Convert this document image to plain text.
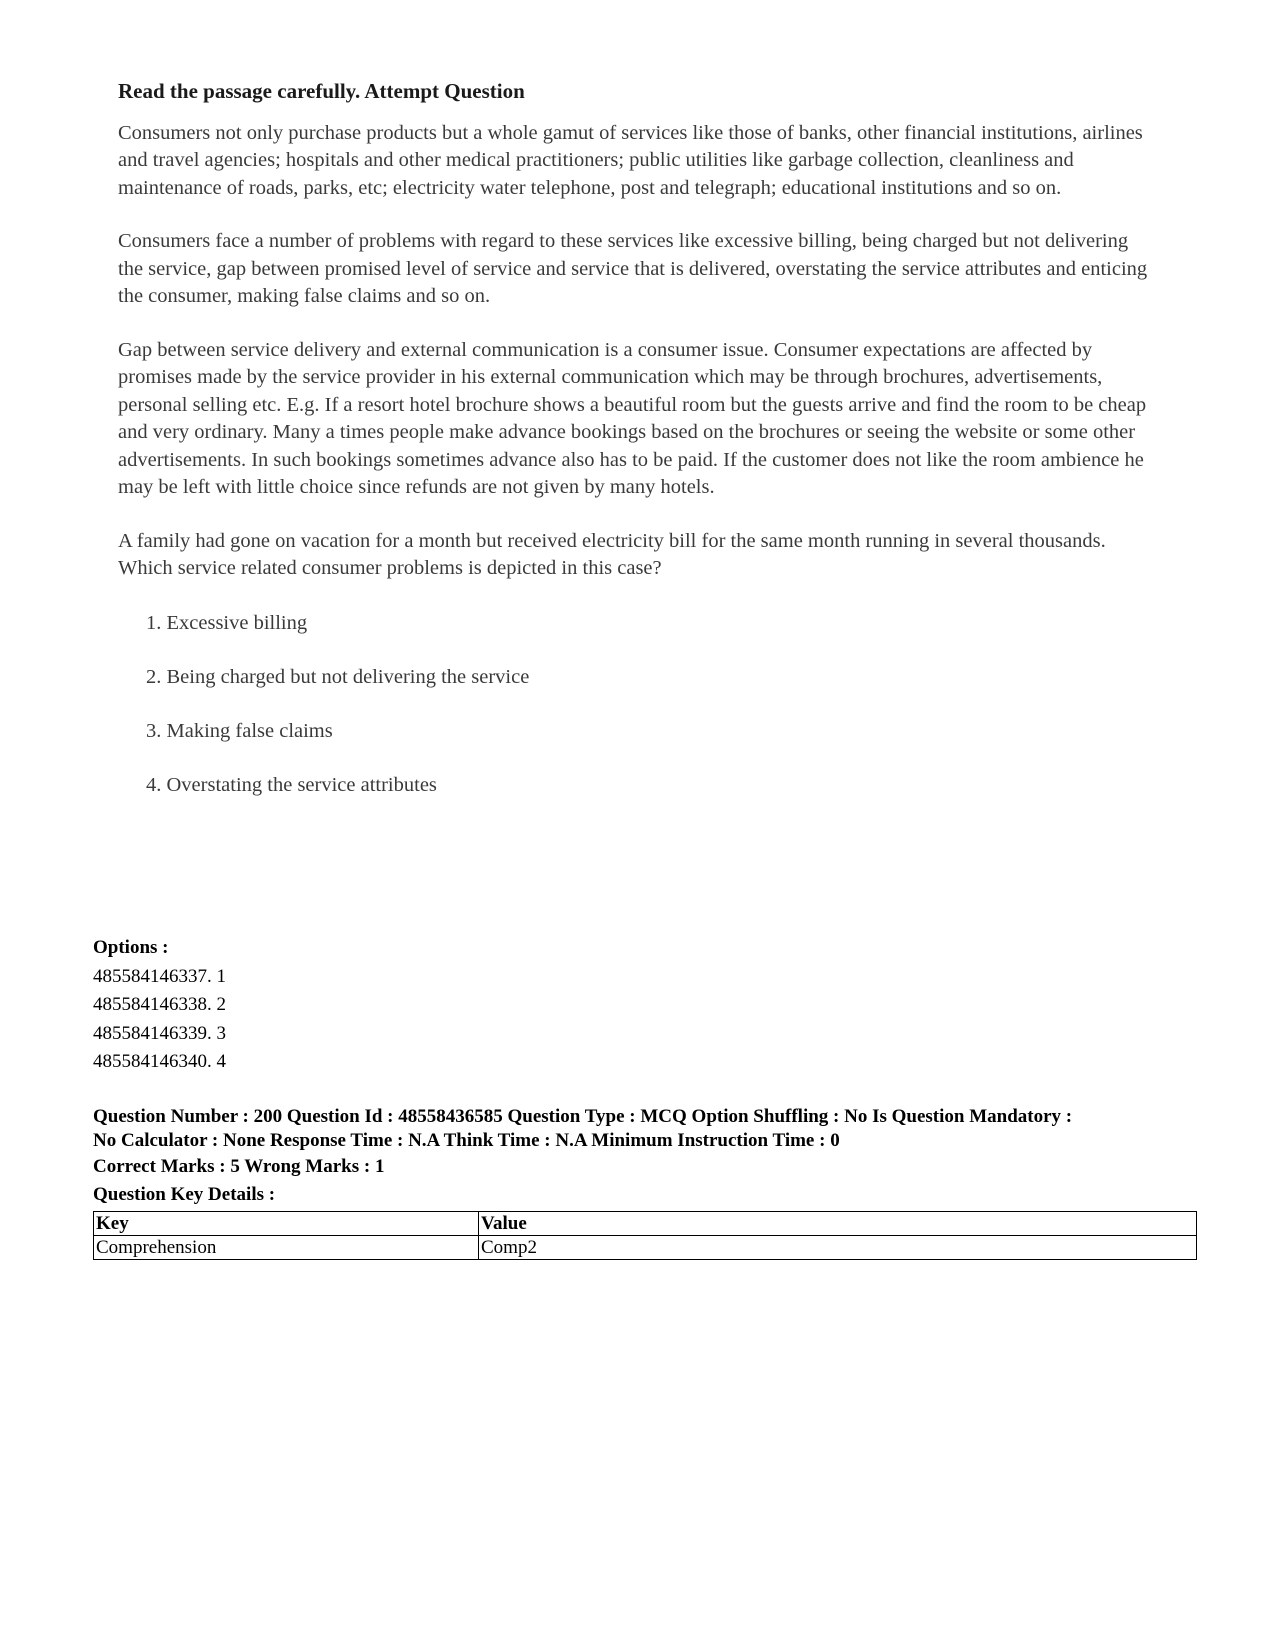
Read the passage carefully. Attempt Question

Consumers not only purchase products but a whole gamut of services like those of banks, other financial institutions, airlines and travel agencies; hospitals and other medical practitioners; public utilities like garbage collection, cleanliness and maintenance of roads, parks, etc; electricity water telephone, post and telegraph; educational institutions and so on.

Consumers face a number of problems with regard to these services like excessive billing, being charged but not delivering the service, gap between promised level of service and service that is delivered, overstating the service attributes and enticing the consumer, making false claims and so on.

Gap between service delivery and external communication is a consumer issue. Consumer expectations are affected by promises made by the service provider in his external communication which may be through brochures, advertisements, personal selling etc. E.g. If a resort hotel brochure shows a beautiful room but the guests arrive and find the room to be cheap and very ordinary. Many a times people make advance bookings based on the brochures or seeing the website or some other advertisements. In such bookings sometimes advance also has to be paid. If the customer does not like the room ambience he may be left with little choice since refunds are not given by many hotels.

A family had gone on vacation for a month but received electricity bill for the same month running in several thousands. Which service related consumer problems is depicted in this case?

1. Excessive billing
2. Being charged but not delivering the service
3. Making false claims
4. Overstating the service attributes
Options :
485584146337. 1
485584146338. 2
485584146339. 3
485584146340. 4
Question Number : 200 Question Id : 48558436585 Question Type : MCQ Option Shuffling : No Is Question Mandatory :
No Calculator : None Response Time : N.A Think Time : N.A Minimum Instruction Time : 0
Correct Marks : 5 Wrong Marks : 1
Question Key Details :
Key	Value
Comprehension	Comp2
